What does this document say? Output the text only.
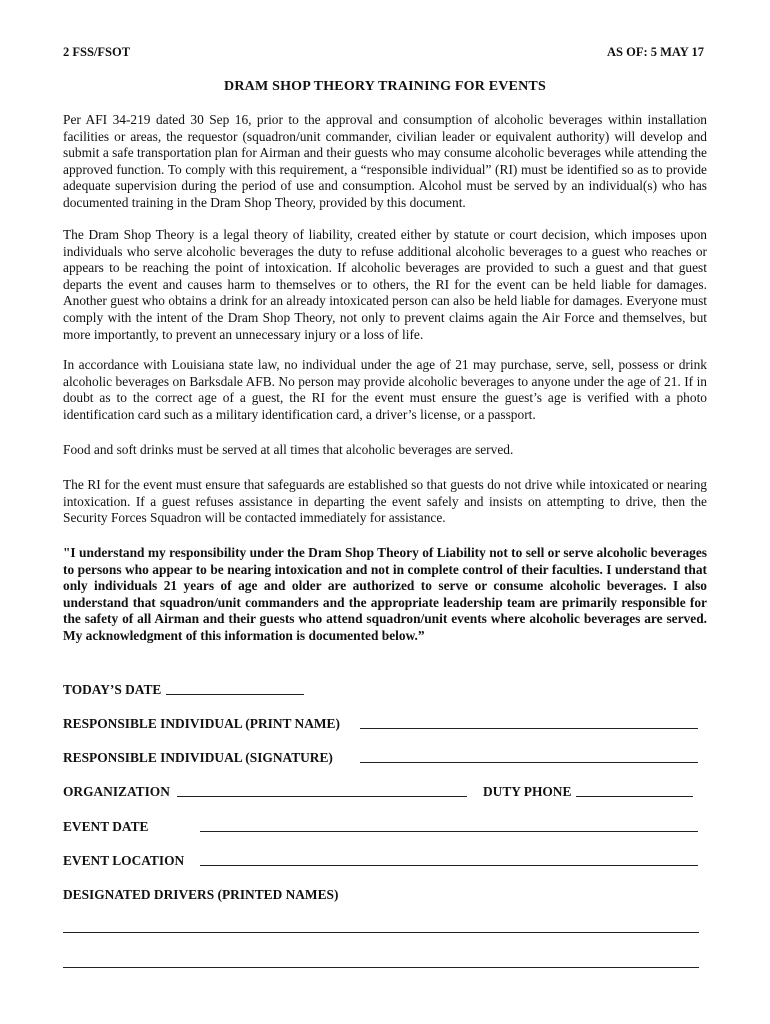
2 FSS/FSOT	AS OF: 5 MAY 17
DRAM SHOP THEORY TRAINING FOR EVENTS

Per AFI 34-219 dated 30 Sep 16, prior to the approval and consumption of alcoholic beverages within installation facilities or areas, the requestor (squadron/unit commander, civilian leader or equivalent authority) will develop and submit a safe transportation plan for Airman and their guests who may consume alcoholic beverages while attending the approved function. To comply with this requirement, a “responsible individual” (RI) must be identified so as to provide adequate supervision during the period of use and consumption. Alcohol must be served by an individual(s) who has documented training in the Dram Shop Theory, provided by this document.

The Dram Shop Theory is a legal theory of liability, created either by statute or court decision, which imposes upon individuals who serve alcoholic beverages the duty to refuse additional alcoholic beverages to a guest who reaches or appears to be reaching the point of intoxication. If alcoholic beverages are provided to such a guest and that guest departs the event and causes harm to themselves or to others, the RI for the event can be held liable for damages. Another guest who obtains a drink for an already intoxicated person can also be held liable for damages. Everyone must comply with the intent of the Dram Shop Theory, not only to prevent claims again the Air Force and themselves, but more importantly, to prevent an unnecessary injury or a loss of life.

In accordance with Louisiana state law, no individual under the age of 21 may purchase, serve, sell, possess or drink alcoholic beverages on Barksdale AFB. No person may provide alcoholic beverages to anyone under the age of 21. If in doubt as to the correct age of a guest, the RI for the event must ensure the guest’s age is verified with a photo identification card such as a military identification card, a driver’s license, or a passport.

Food and soft drinks must be served at all times that alcoholic beverages are served.

The RI for the event must ensure that safeguards are established so that guests do not drive while intoxicated or nearing intoxication. If a guest refuses assistance in departing the event safely and insists on attempting to drive, then the Security Forces Squadron will be contacted immediately for assistance.

"I understand my responsibility under the Dram Shop Theory of Liability not to sell or serve alcoholic beverages to persons who appear to be nearing intoxication and not in complete control of their faculties. I understand that only individuals 21 years of age and older are authorized to serve or consume alcoholic beverages. I also understand that squadron/unit commanders and the appropriate leadership team are primarily responsible for the safety of all Airman and their guests who attend squadron/unit events where alcoholic beverages are served. My acknowledgment of this information is documented below.”

TODAY’S DATE
RESPONSIBLE INDIVIDUAL (PRINT NAME)
RESPONSIBLE INDIVIDUAL (SIGNATURE)
ORGANIZATION	DUTY PHONE
EVENT DATE
EVENT LOCATION
DESIGNATED DRIVERS (PRINTED NAMES)
